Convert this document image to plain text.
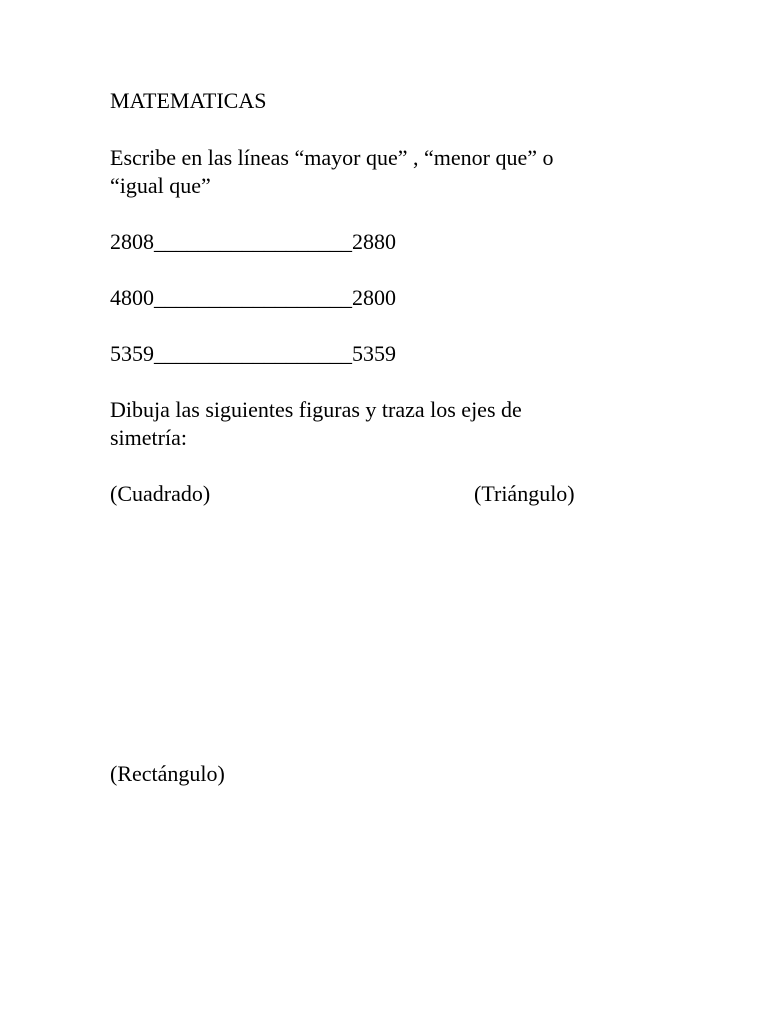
MATEMATICAS

Escribe en las líneas “mayor que” , “menor que” o

“igual que”

2808__________________2880

4800__________________2800

5359__________________5359

Dibuja las siguientes figuras y traza los ejes de

simetría:

(Cuadrado)	(Triángulo)

(Rectángulo)
